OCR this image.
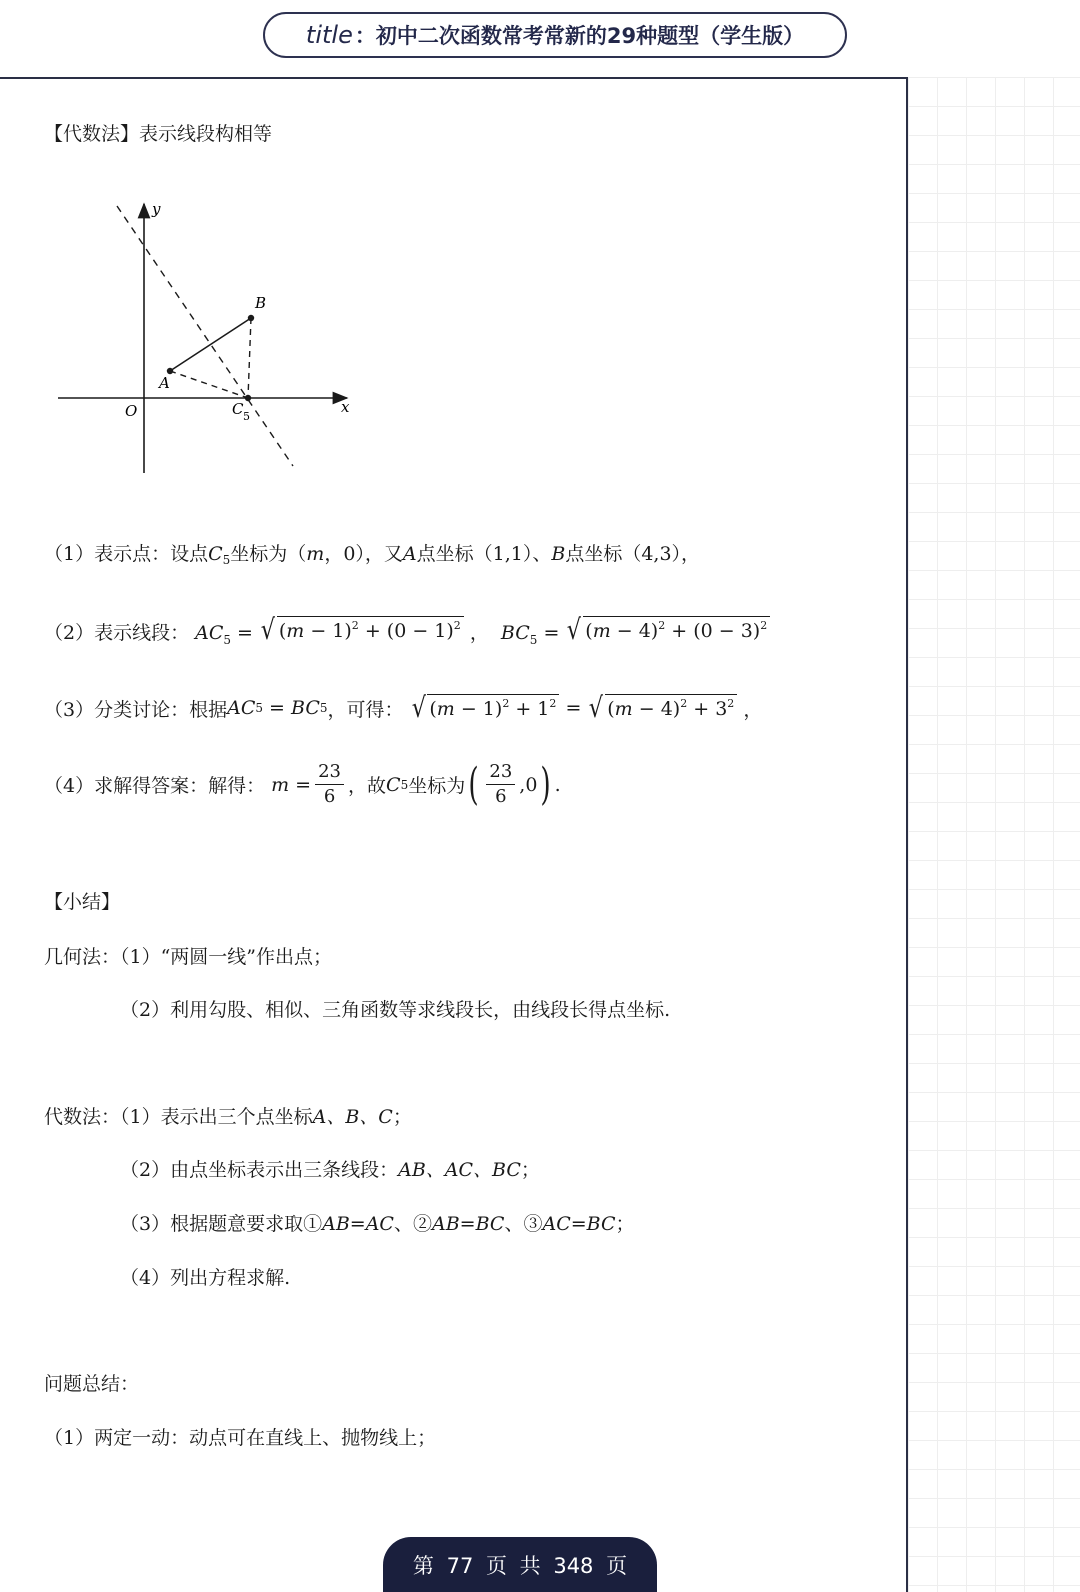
title ：初中二次函数常考常新的29种题型（学生版）
【代数法】表示线段构相等
y
x
O
A
B
C 5
（1）表示点：设点$C_5$坐标为（m，0），又A点坐标（1,1）、B点坐标（4,3），
（2）表示线段： $AC_5$ = √ $(m - 1)^2 + (0 - 1)^2$ ，  $BC_5$ = √ $(m - 4)^2 + (0 - 3)^2$
（3）分类讨论：根据 AC 5 = BC 5 ，可得： √ $(m - 1)^2 + 1^2$ = √ $(m - 4)^2 + 3^2$ ，
（4）求解得答案：解得： $m = \frac{23}{6}$ ，故 C 5 坐标为 ( $\frac{23}{6} ,0$ ) .
【小结】
几何法：（1）“两圆一线”作出点；
（2）利用勾股、相似、三角函数等求线段长，由线段长得点坐标.
代数法：（1）表示出三个点坐标A、B、C；
（2）由点坐标表示出三条线段：AB、AC、BC；
（3）根据题意要求取①AB=AC、②AB=BC、③AC=BC；
（4）列出方程求解.
问题总结：
（1）两定一动：动点可在直线上、抛物线上；
第 77 页 共 348 页
